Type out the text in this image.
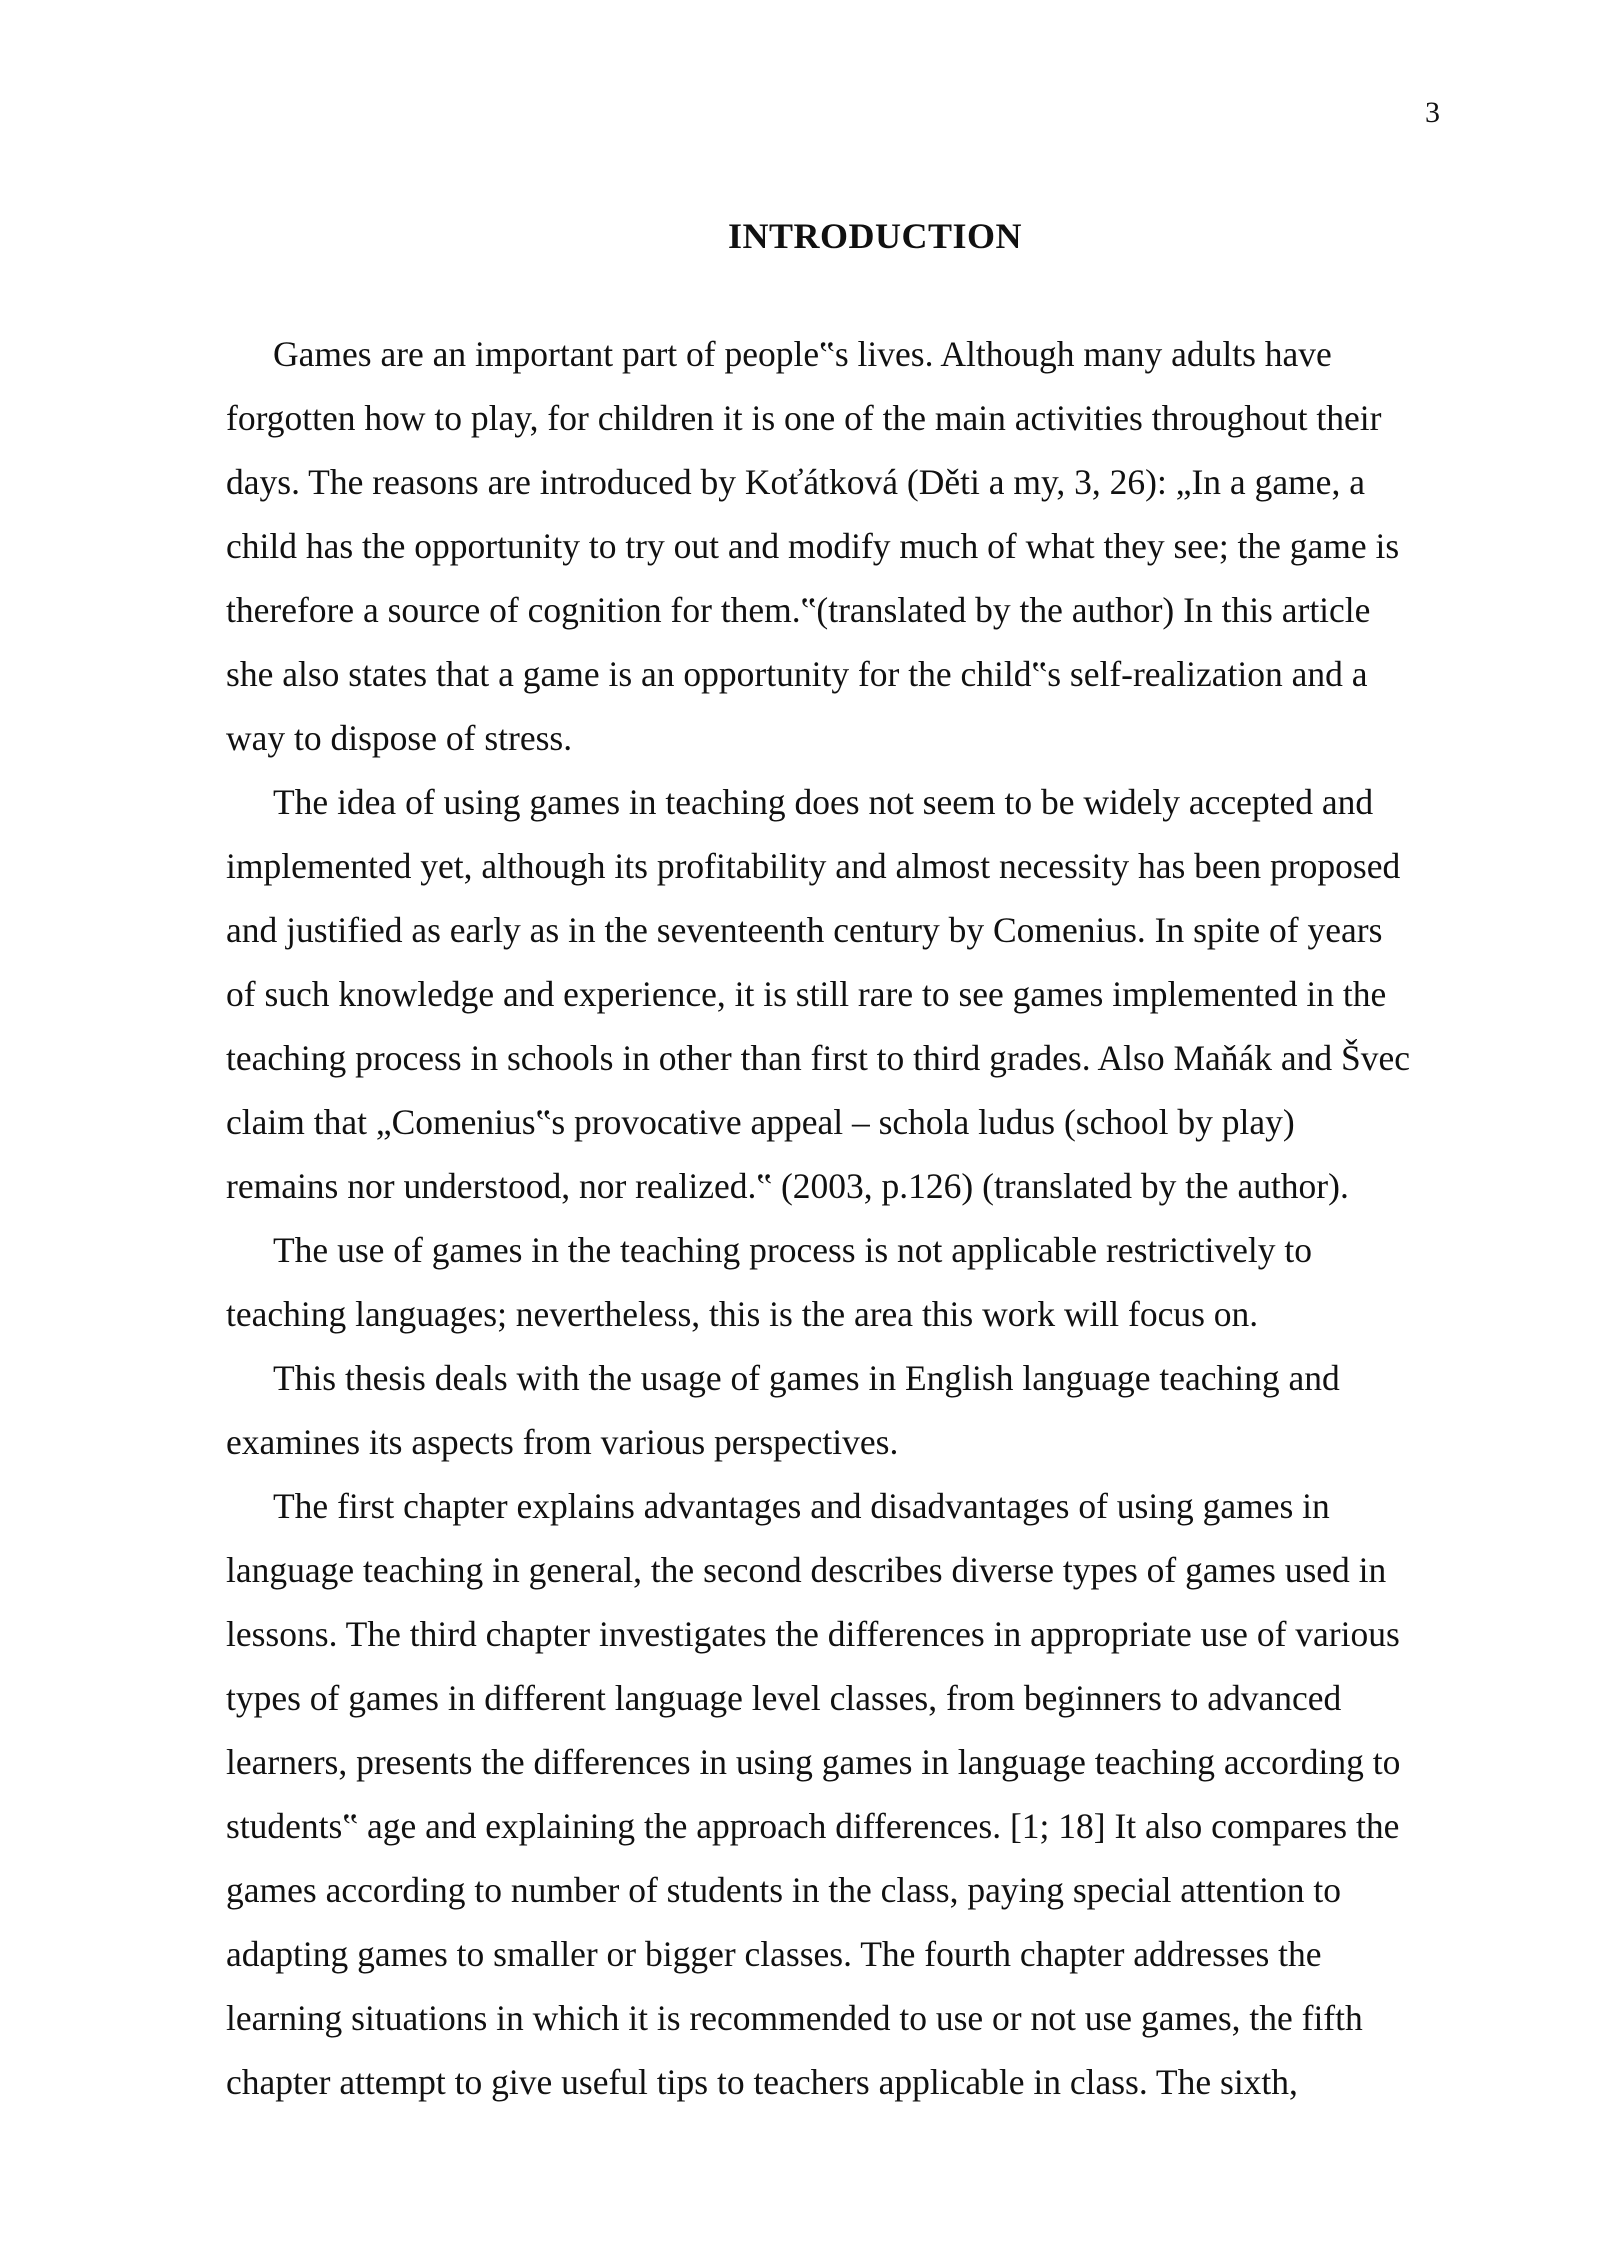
3
INTRODUCTION

Games are an important part of people‟s lives. Although many adults have
forgotten how to play, for children it is one of the main activities throughout their
days. The reasons are introduced by Koťátková (Děti a my, 3, 26): „In a game, a
child has the opportunity to try out and modify much of what they see; the game is
therefore a source of cognition for them.‟(translated by the author) In this article
she also states that a game is an opportunity for the child‟s self-realization and a
way to dispose of stress.

The idea of using games in teaching does not seem to be widely accepted and
implemented yet, although its profitability and almost necessity has been proposed
and justified as early as in the seventeenth century by Comenius. In spite of years
of such knowledge and experience, it is still rare to see games implemented in the
teaching process in schools in other than first to third grades. Also Maňák and Švec
claim that „Comenius‟s provocative appeal – schola ludus (school by play)
remains nor understood, nor realized.‟ (2003, p.126) (translated by the author).

The use of games in the teaching process is not applicable restrictively to
teaching languages; nevertheless, this is the area this work will focus on.

This thesis deals with the usage of games in English language teaching and
examines its aspects from various perspectives.

The first chapter explains advantages and disadvantages of using games in
language teaching in general, the second describes diverse types of games used in
lessons. The third chapter investigates the differences in appropriate use of various
types of games in different language level classes, from beginners to advanced
learners, presents the differences in using games in language teaching according to
students‟ age and explaining the approach differences. [1; 18] It also compares the
games according to number of students in the class, paying special attention to
adapting games to smaller or bigger classes. The fourth chapter addresses the
learning situations in which it is recommended to use or not use games, the fifth
chapter attempt to give useful tips to teachers applicable in class. The sixth,
